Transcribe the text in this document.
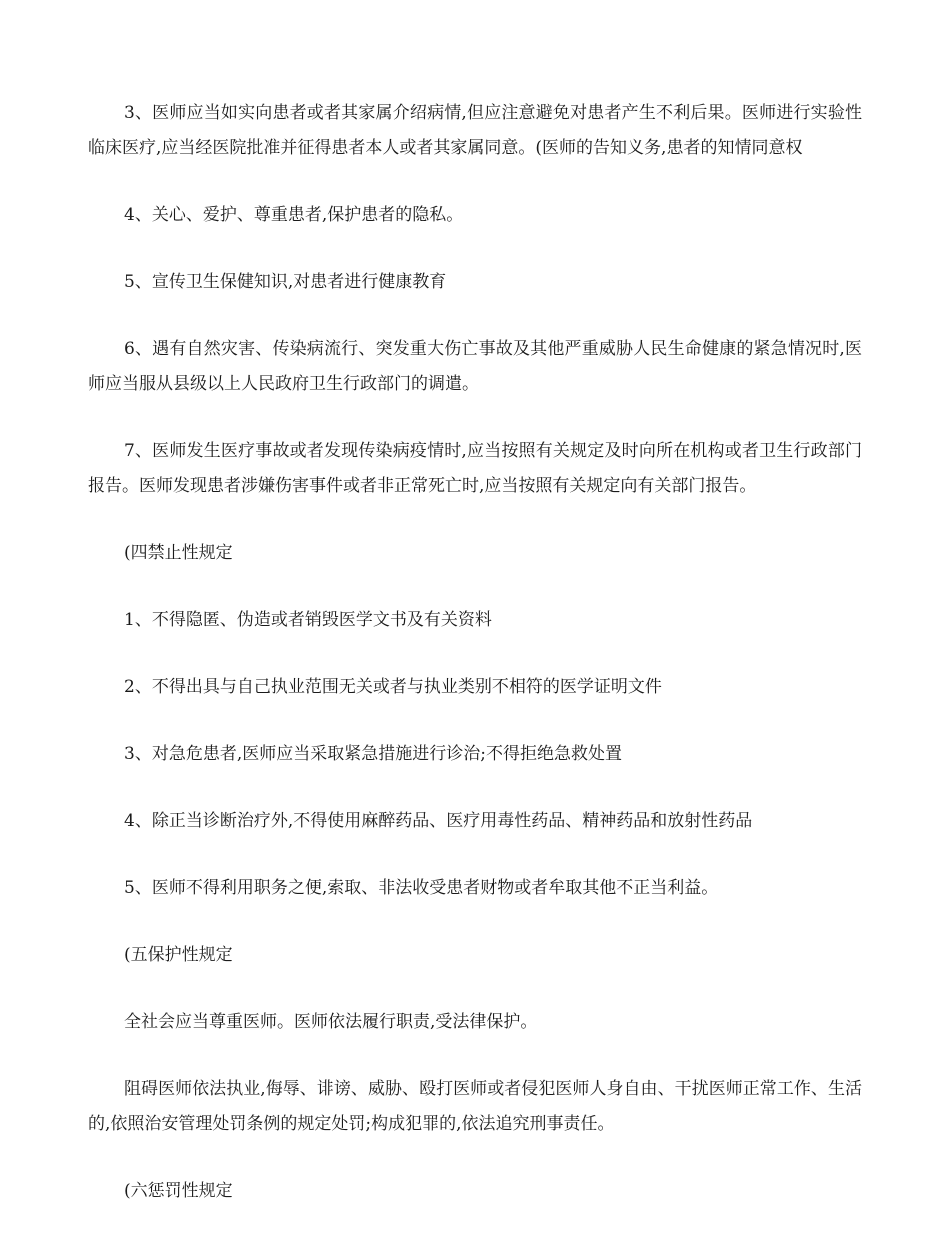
3、医师应当如实向患者或者其家属介绍病情,但应注意避免对患者产生不利后果。医师进行实验性临床医疗,应当经医院批准并征得患者本人或者其家属同意。(医师的告知义务,患者的知情同意权

4、关心、爱护、尊重患者,保护患者的隐私。

5、宣传卫生保健知识,对患者进行健康教育

6、遇有自然灾害、传染病流行、突发重大伤亡事故及其他严重威胁人民生命健康的紧急情况时,医师应当服从县级以上人民政府卫生行政部门的调遣。

7、医师发生医疗事故或者发现传染病疫情时,应当按照有关规定及时向所在机构或者卫生行政部门报告。医师发现患者涉嫌伤害事件或者非正常死亡时,应当按照有关规定向有关部门报告。

(四禁止性规定

1、不得隐匿、伪造或者销毁医学文书及有关资料

2、不得出具与自己执业范围无关或者与执业类别不相符的医学证明文件

3、对急危患者,医师应当采取紧急措施进行诊治;不得拒绝急救处置

4、除正当诊断治疗外,不得使用麻醉药品、医疗用毒性药品、精神药品和放射性药品

5、医师不得利用职务之便,索取、非法收受患者财物或者牟取其他不正当利益。

(五保护性规定

全社会应当尊重医师。医师依法履行职责,受法律保护。

阻碍医师依法执业,侮辱、诽谤、威胁、殴打医师或者侵犯医师人身自由、干扰医师正常工作、生活的,依照治安管理处罚条例的规定处罚;构成犯罪的,依法追究刑事责任。

(六惩罚性规定
